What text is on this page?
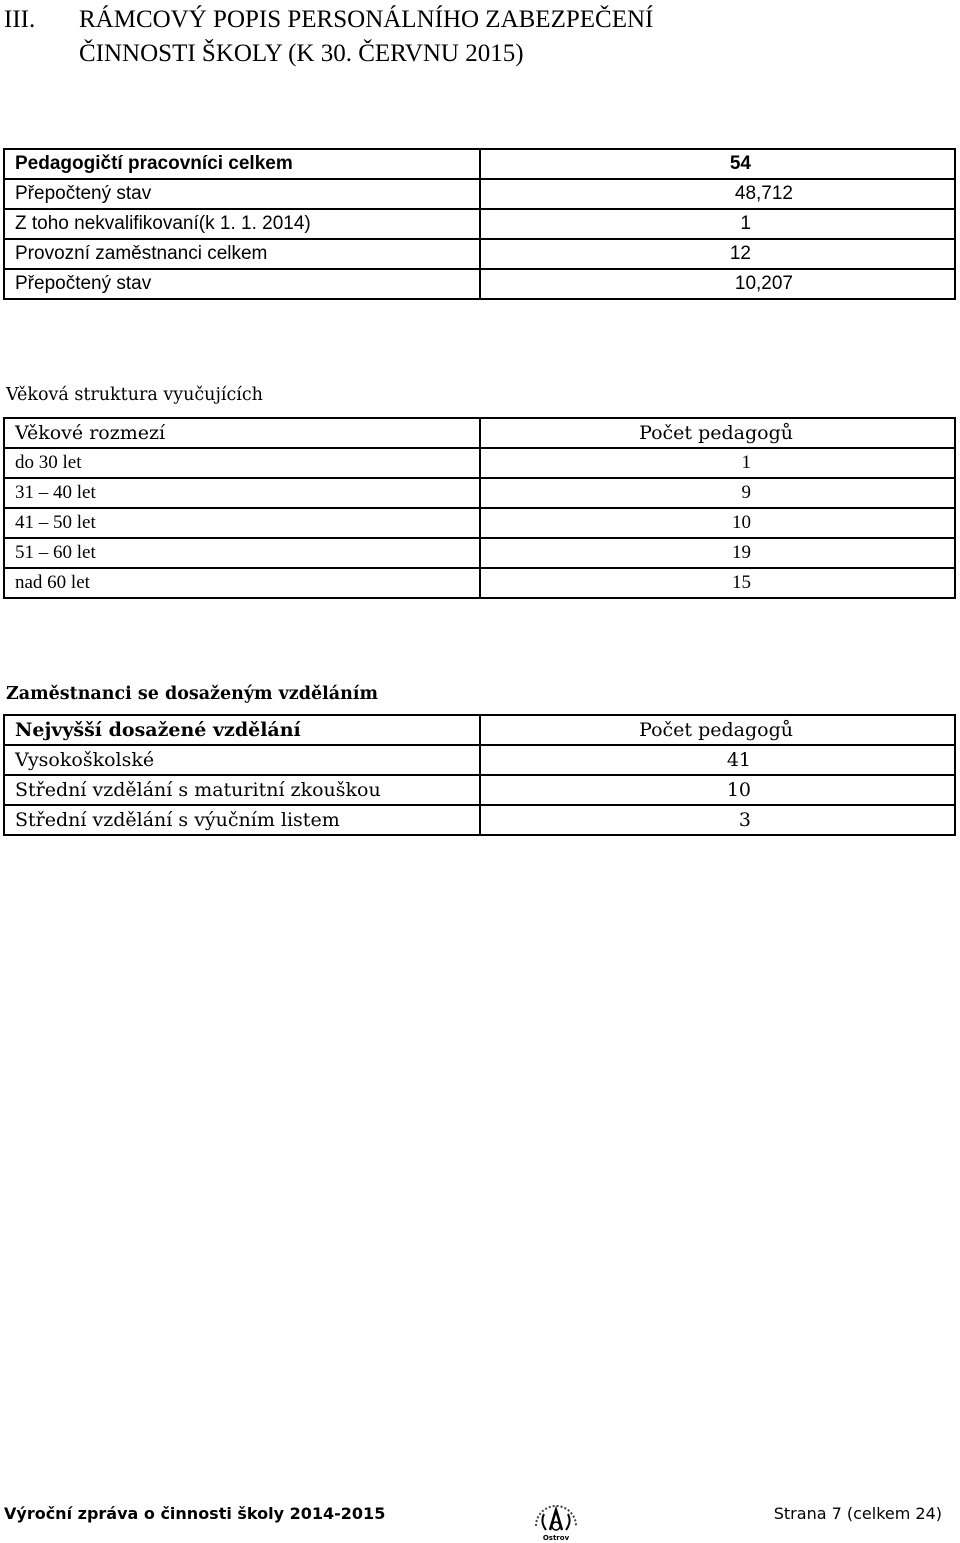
III. RÁMCOVÝ POPIS PERSONÁLNÍHO ZABEZPEČENÍ
ČINNOSTI ŠKOLY (K 30. ČERVNU 2015)
Pedagogičtí pracovníci celkem	54
Přepočtený stav	48,712
Z toho nekvalifikovaní(k 1. 1. 2014)	1
Provozní zaměstnanci celkem	12
Přepočtený stav	10,207
Věková struktura vyučujících
Věkové rozmezí	Počet pedagogů
do 30 let	1
31 – 40 let	9
41 – 50 let	10
51 – 60 let	19
nad 60 let	15
Zaměstnanci se dosaženým vzděláním
Nejvyšší dosažené vzdělání	Počet pedagogů
Vysokoškolské	41
Střední vzdělání s maturitní zkouškou	10
Střední vzdělání s výučním listem	3
Výroční zpráva o činnosti školy 2014-2015
Ostrov
Strana 7 (celkem 24)
